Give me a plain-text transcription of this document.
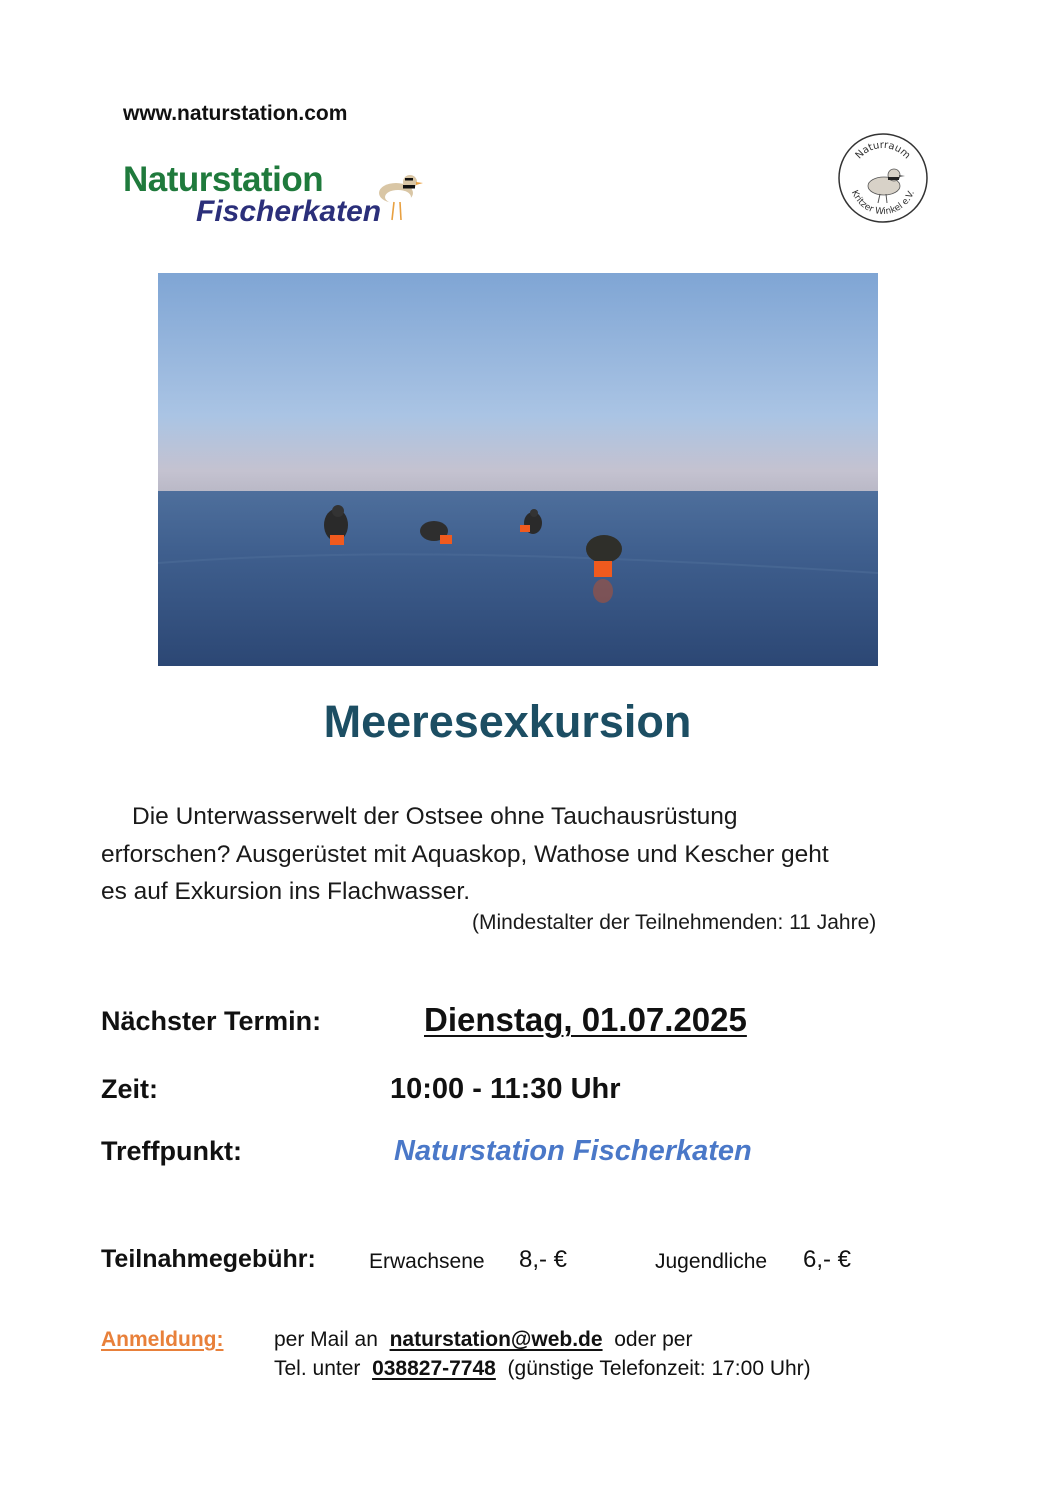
www.naturstation.com
Naturstation
Fischerkaten
Naturraum
Kritzer Winkel e.V.
Meeresexkursion
Die Unterwasserwelt der Ostsee ohne Tauchausrüstung
erforschen? Ausgerüstet mit Aquaskop, Wathose und Kescher geht
es auf Exkursion ins Flachwasser.
(Mindestalter der Teilnehmenden: 11 Jahre)
Nächster Termin:	Dienstag, 01.07.2025
Zeit:	10:00 - 11:30 Uhr
Treffpunkt:	Naturstation Fischerkaten
Teilnahmegebühr:	Erwachsene 8,- €	Jugendliche 6,- €
Anmeldung: per Mail an naturstation@web.de oder per
Tel. unter 038827-7748 (günstige Telefonzeit: 17:00 Uhr)
